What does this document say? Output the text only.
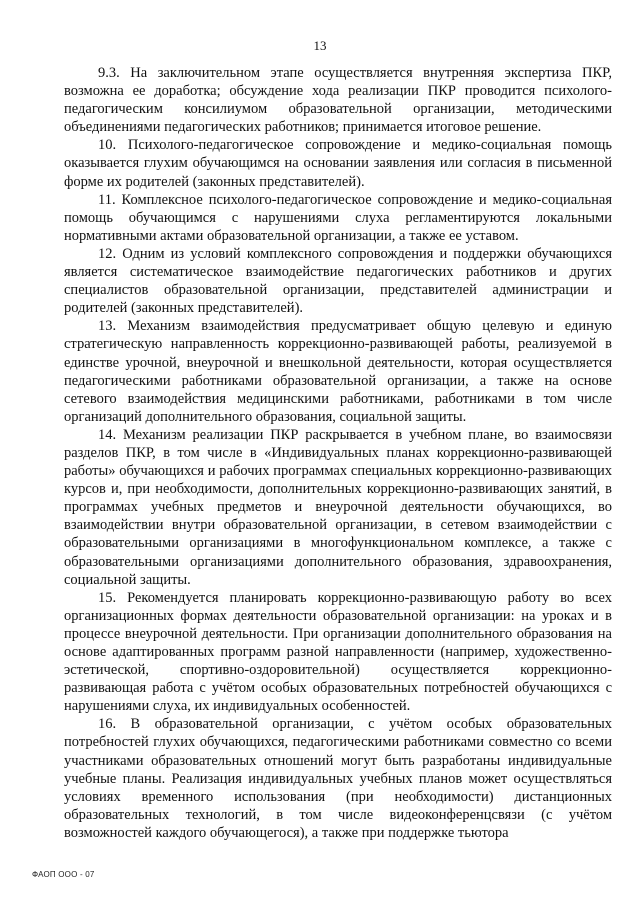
13

9.3. На заключительном этапе осуществляется внутренняя экспертиза ПКР, возможна ее доработка; обсуждение хода реализации ПКР проводится психолого-педагогическим консилиумом образовательной организации, методическими объединениями педагогических работников; принимается итоговое решение.

10. Психолого-педагогическое сопровождение и медико-социальная помощь оказывается глухим обучающимся на основании заявления или согласия в письменной форме их родителей (законных представителей).

11. Комплексное психолого-педагогическое сопровождение и медико-социальная помощь обучающимся с нарушениями слуха регламентируются локальными нормативными актами образовательной организации, а также ее уставом.

12. Одним из условий комплексного сопровождения и поддержки обучающихся является систематическое взаимодействие педагогических работников и других специалистов образовательной организации, представителей администрации и родителей (законных представителей).

13. Механизм взаимодействия предусматривает общую целевую и единую стратегическую направленность коррекционно-развивающей работы, реализуемой в единстве урочной, внеурочной и внешкольной деятельности, которая осуществляется педагогическими работниками образовательной организации, а также на основе сетевого взаимодействия медицинскими работниками, работниками в том числе организаций дополнительного образования, социальной защиты.

14. Механизм реализации ПКР раскрывается в учебном плане, во взаимосвязи разделов ПКР, в том числе в «Индивидуальных планах коррекционно-развивающей работы» обучающихся и рабочих программах специальных коррекционно-развивающих курсов и, при необходимости, дополнительных коррекционно-развивающих занятий, в программах учебных предметов и внеурочной деятельности обучающихся, во взаимодействии внутри образовательной организации, в сетевом взаимодействии с образовательными организациями в многофункциональном комплексе, а также с образовательными организациями дополнительного образования, здравоохранения, социальной защиты.

15. Рекомендуется планировать коррекционно-развивающую работу во всех организационных формах деятельности образовательной организации: на уроках и в процессе внеурочной деятельности. При организации дополнительного образования на основе адаптированных программ разной направленности (например, художественно-эстетической, спортивно-оздоровительной) осуществляется коррекционно-развивающая работа с учётом особых образовательных потребностей обучающихся с нарушениями слуха, их индивидуальных особенностей.

16. В образовательной организации, с учётом особых образовательных потребностей глухих обучающихся, педагогическими работниками совместно со всеми участниками образовательных отношений могут быть разработаны индивидуальные учебные планы. Реализация индивидуальных учебных планов может осуществляться условиях временного использования (при необходимости) дистанционных образовательных технологий, в том числе видеоконференцсвязи (с учётом возможностей каждого обучающегося), а также при поддержке тьютора

ФАОП ООО - 07
